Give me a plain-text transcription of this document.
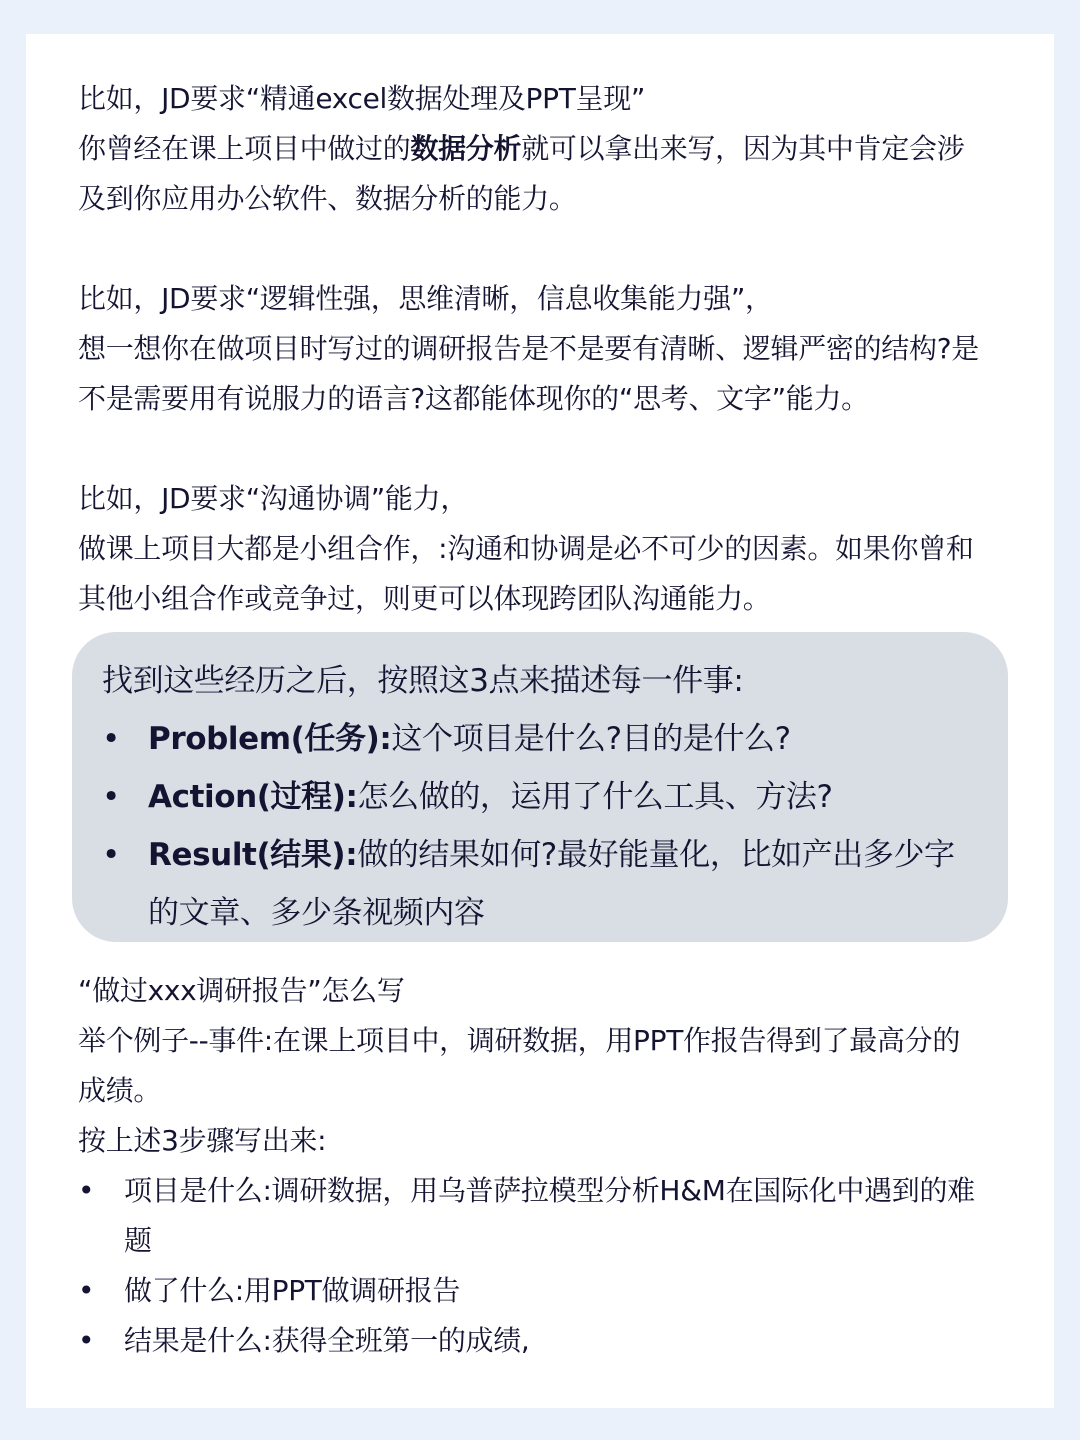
比如，JD要求“精通excel数据处理及PPT呈现”
你曾经在课上项目中做过的数据分析就可以拿出来写，因为其中肯定会涉
及到你应用办公软件、数据分析的能力。
比如，JD要求“逻辑性强，思维清晰，信息收集能力强”，
想一想你在做项目时写过的调研报告是不是要有清晰、逻辑严密的结构?是
不是需要用有说服力的语言?这都能体现你的“思考、文字”能力。
比如，JD要求“沟通协调”能力，
做课上项目大都是小组合作，:沟通和协调是必不可少的因素。如果你曾和
其他小组合作或竞争过，则更可以体现跨团队沟通能力。
找到这些经历之后，按照这3点来描述每一件事:
• Problem(任务):这个项目是什么?目的是什么?
• Action(过程):怎么做的，运用了什么工具、方法?
• Result(结果):做的结果如何?最好能量化，比如产出多少字
的文章、多少条视频内容
“做过xxx调研报告”怎么写
举个例子--事件:在课上项目中，调研数据，用PPT作报告得到了最高分的
成绩。
按上述3步骤写出来:
• 项目是什么:调研数据，用乌普萨拉模型分析H&M在国际化中遇到的难
题
• 做了什么:用PPT做调研报告
• 结果是什么:获得全班第一的成绩,
